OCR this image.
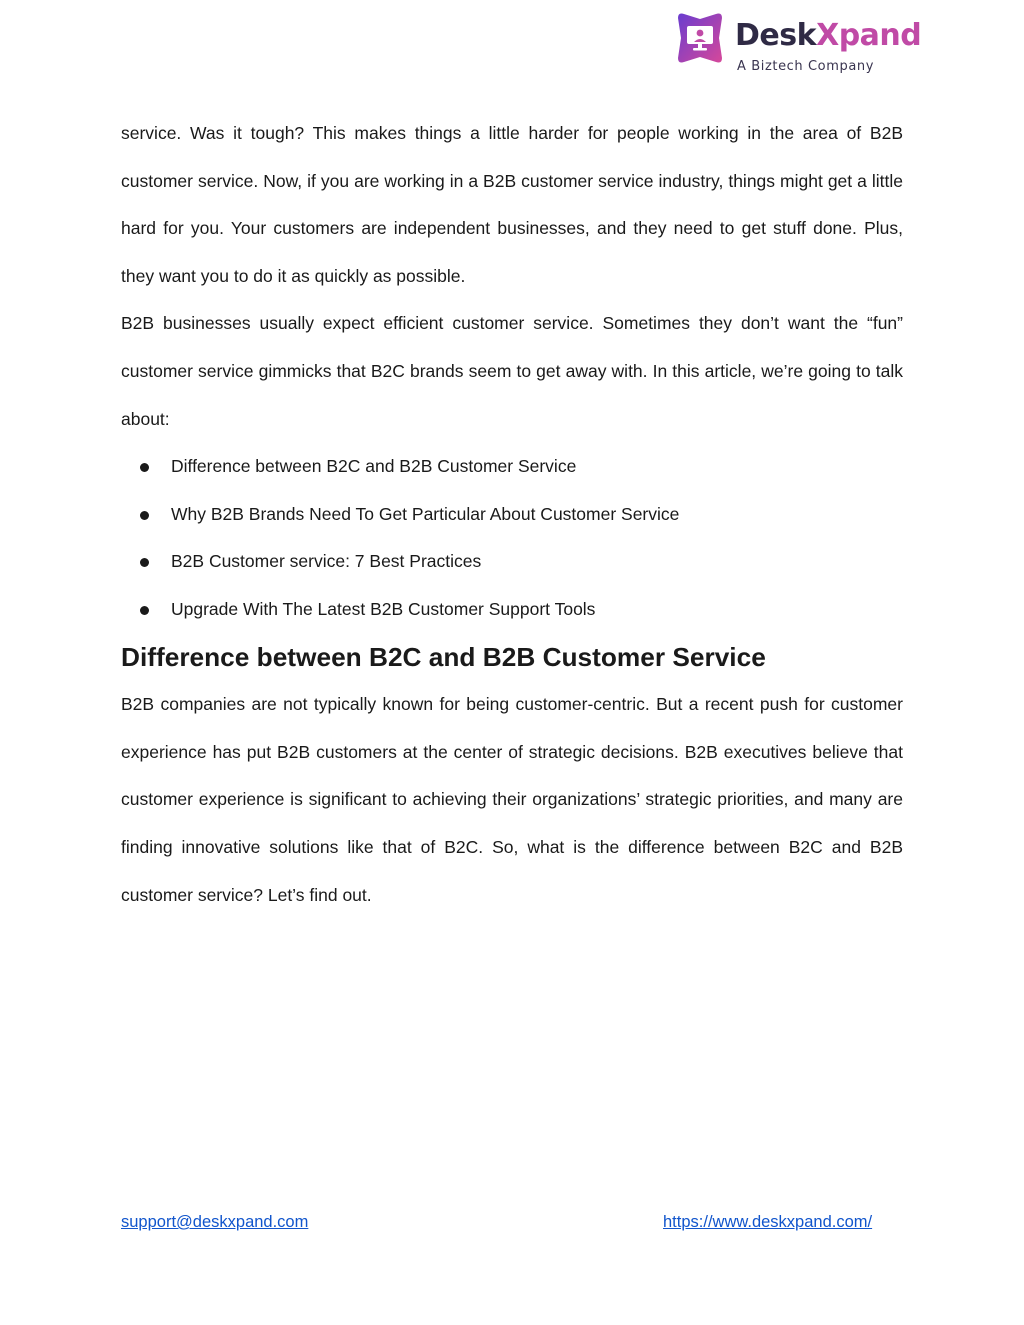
DeskXpand
A Biztech Company

service. Was it tough? This makes things a little harder for people working in the area of B2B customer service. Now, if you are working in a B2B customer service industry, things might get a little hard for you. Your customers are independent businesses, and they need to get stuff done. Plus, they want you to do it as quickly as possible.

B2B businesses usually expect efficient customer service. Sometimes they don’t want the “fun” customer service gimmicks that B2C brands seem to get away with. In this article, we’re going to talk about:

Difference between B2C and B2B Customer Service
Why B2B Brands Need To Get Particular About Customer Service
B2B Customer service: 7 Best Practices
Upgrade With The Latest B2B Customer Support Tools
Difference between B2C and B2B Customer Service

B2B companies are not typically known for being customer-centric. But a recent push for customer experience has put B2B customers at the center of strategic decisions. B2B executives believe that customer experience is significant to achieving their organizations’ strategic priorities, and many are finding innovative solutions like that of B2C. So, what is the difference between B2C and B2B customer service? Let’s find out.

support@deskxpand.com	https://www.deskxpand.com/
